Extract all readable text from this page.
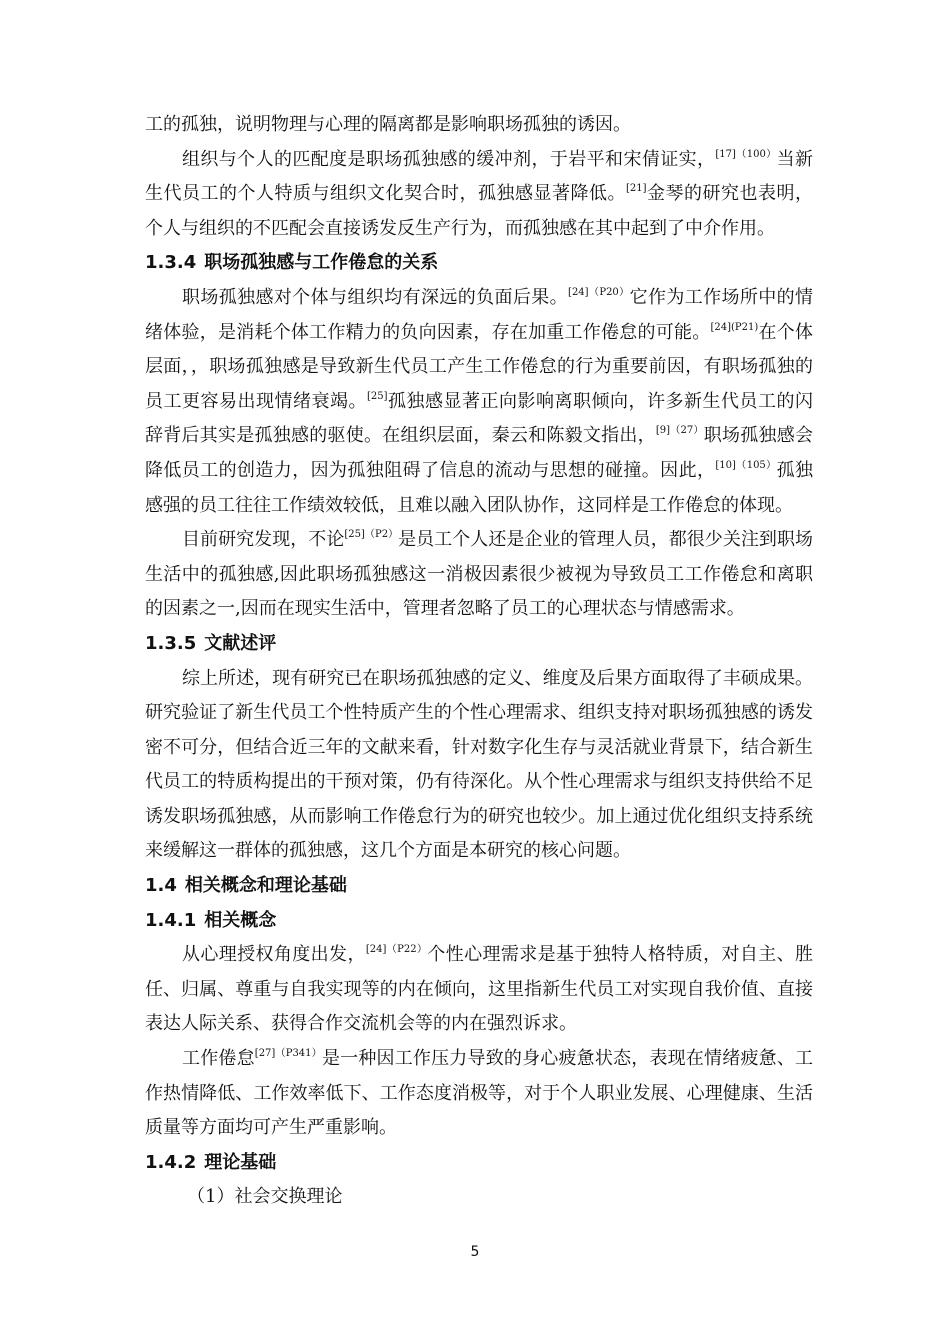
工的孤独，说明物理与心理的隔离都是影响职场孤独的诱因。

组织与个人的匹配度是职场孤独感的缓冲剂，于岩平和宋倩证实，$^{[17](100)}$当新生代员工的个人特质与组织文化契合时，孤独感显著降低。[21]金琴的研究也表明，个人与组织的不匹配会直接诱发反生产行为，而孤独感在其中起到了中介作用。

1.3.4 职场孤独感与工作倦怠的关系

职场孤独感对个体与组织均有深远的负面后果。$^{[24](P20)}$它作为工作场所中的情绪体验，是消耗个体工作精力的负向因素，存在加重工作倦怠的可能。$^{[24](P21)}$在个体层面，，职场孤独感是导致新生代员工产生工作倦怠的行为重要前因，有职场孤独的员工更容易出现情绪衰竭。[25]孤独感显著正向影响离职倾向，许多新生代员工的闪辞背后其实是孤独感的驱使。在组织层面，秦云和陈毅文指出，$^{[9](27)}$职场孤独感会降低员工的创造力，因为孤独阻碍了信息的流动与思想的碰撞。因此，$^{[10](105)}$孤独感强的员工往往工作绩效较低，且难以融入团队协作，这同样是工作倦怠的体现。

目前研究发现，不论$^{[25](P2)}$是员工个人还是企业的管理人员，都很少关注到职场生活中的孤独感,因此职场孤独感这一消极因素很少被视为导致员工工作倦怠和离职的因素之一,因而在现实生活中，管理者忽略了员工的心理状态与情感需求。

1.3.5 文献述评

综上所述，现有研究已在职场孤独感的定义、维度及后果方面取得了丰硕成果。研究验证了新生代员工个性特质产生的个性心理需求、组织支持对职场孤独感的诱发密不可分，但结合近三年的文献来看，针对数字化生存与灵活就业背景下，结合新生代员工的特质构提出的干预对策，仍有待深化。从个性心理需求与组织支持供给不足诱发职场孤独感，从而影响工作倦怠行为的研究也较少。加上通过优化组织支持系统来缓解这一群体的孤独感，这几个方面是本研究的核心问题。

1.4 相关概念和理论基础
1.4.1 相关概念

从心理授权角度出发，$^{[24](P22)}$个性心理需求是基于独特人格特质，对自主、胜任、归属、尊重与自我实现等的内在倾向，这里指新生代员工对实现自我价值、直接表达人际关系、获得合作交流机会等的内在强烈诉求。

工作倦怠$^{[27](P341)}$是一种因工作压力导致的身心疲惫状态，表现在情绪疲惫、工作热情降低、工作效率低下、工作态度消极等，对于个人职业发展、心理健康、生活质量等方面均可产生严重影响。

1.4.2 理论基础

（1）社会交换理论

5
